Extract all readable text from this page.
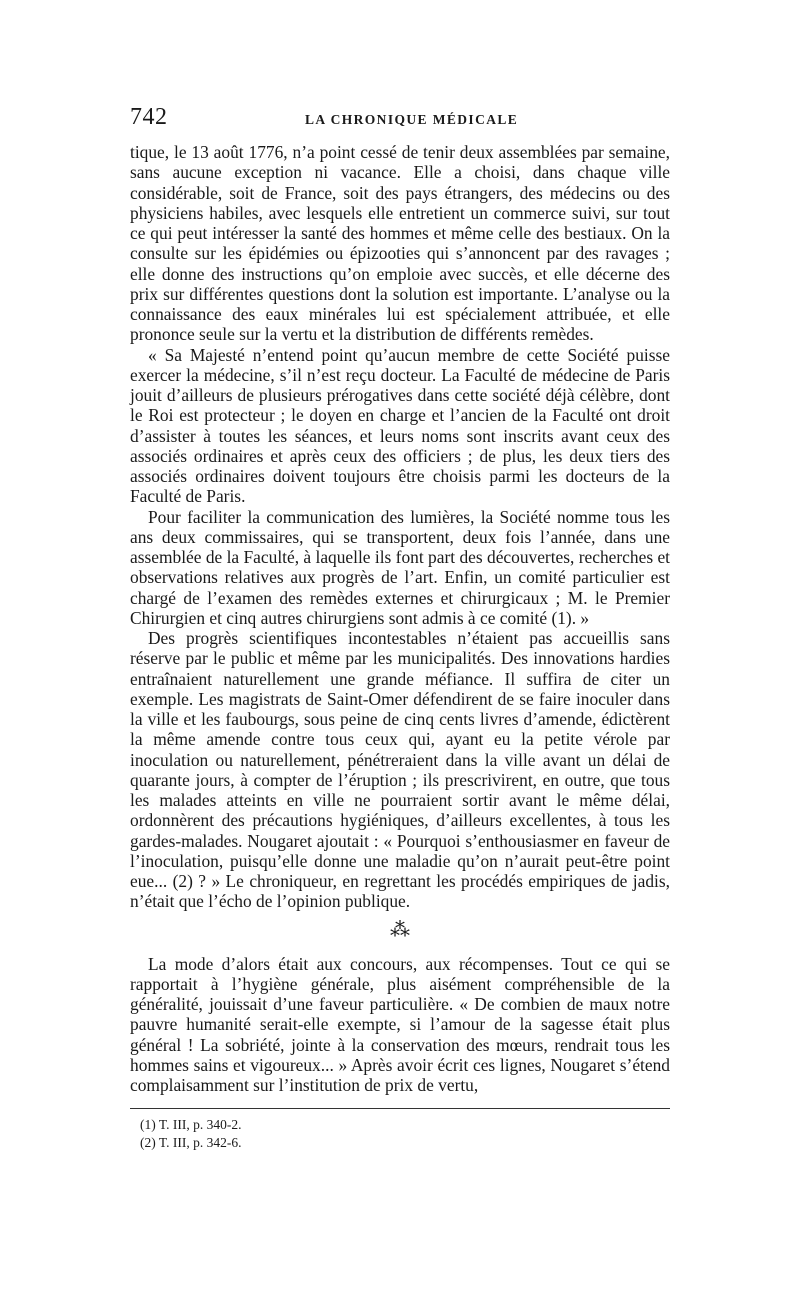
742	LA CHRONIQUE MÉDICALE

tique, le 13 août 1776, n’a point cessé de tenir deux assemblées par semaine, sans aucune exception ni vacance. Elle a choisi, dans chaque ville considérable, soit de France, soit des pays étrangers, des médecins ou des physiciens habiles, avec lesquels elle entretient un commerce suivi, sur tout ce qui peut intéresser la santé des hommes et même celle des bestiaux. On la consulte sur les épidémies ou épizooties qui s’annoncent par des ravages ; elle donne des instructions qu’on emploie avec succès, et elle décerne des prix sur différentes questions dont la solution est importante. L’analyse ou la connaissance des eaux minérales lui est spécialement attribuée, et elle prononce seule sur la vertu et la distribution de différents remèdes.

« Sa Majesté n’entend point qu’aucun membre de cette Société puisse exercer la médecine, s’il n’est reçu docteur. La Faculté de médecine de Paris jouit d’ailleurs de plusieurs prérogatives dans cette société déjà célèbre, dont le Roi est protecteur ; le doyen en charge et l’ancien de la Faculté ont droit d’assister à toutes les séances, et leurs noms sont inscrits avant ceux des associés ordinaires et après ceux des officiers ; de plus, les deux tiers des associés ordinaires doivent toujours être choisis parmi les docteurs de la Faculté de Paris.

Pour faciliter la communication des lumières, la Société nomme tous les ans deux commissaires, qui se transportent, deux fois l’année, dans une assemblée de la Faculté, à laquelle ils font part des découvertes, recherches et observations relatives aux progrès de l’art. Enfin, un comité particulier est chargé de l’examen des remèdes externes et chirurgicaux ; M. le Premier Chirurgien et cinq autres chirurgiens sont admis à ce comité (1). »

Des progrès scientifiques incontestables n’étaient pas accueillis sans réserve par le public et même par les municipalités. Des innovations hardies entraînaient naturellement une grande méfiance. Il suffira de citer un exemple. Les magistrats de Saint-Omer défendirent de se faire inoculer dans la ville et les faubourgs, sous peine de cinq cents livres d’amende, édictèrent la même amende contre tous ceux qui, ayant eu la petite vérole par inoculation ou naturellement, pénétreraient dans la ville avant un délai de quarante jours, à compter de l’éruption ; ils prescrivirent, en outre, que tous les malades atteints en ville ne pourraient sortir avant le même délai, ordonnèrent des précautions hygiéniques, d’ailleurs excellentes, à tous les gardes-malades. Nougaret ajoutait : « Pourquoi s’enthousiasmer en faveur de l’inoculation, puisqu’elle donne une maladie qu’on n’aurait peut-être point eue... (2) ? » Le chroniqueur, en regrettant les procédés empiriques de jadis, n’était que l’écho de l’opinion publique.

⁂

La mode d’alors était aux concours, aux récompenses. Tout ce qui se rapportait à l’hygiène générale, plus aisément compréhensible de la généralité, jouissait d’une faveur particulière. « De combien de maux notre pauvre humanité serait-elle exempte, si l’amour de la sagesse était plus général ! La sobriété, jointe à la conservation des mœurs, rendrait tous les hommes sains et vigoureux... » Après avoir écrit ces lignes, Nougaret s’étend complaisamment sur l’institution de prix de vertu,

(1) T. III, p. 340-2.
(2) T. III, p. 342-6.
